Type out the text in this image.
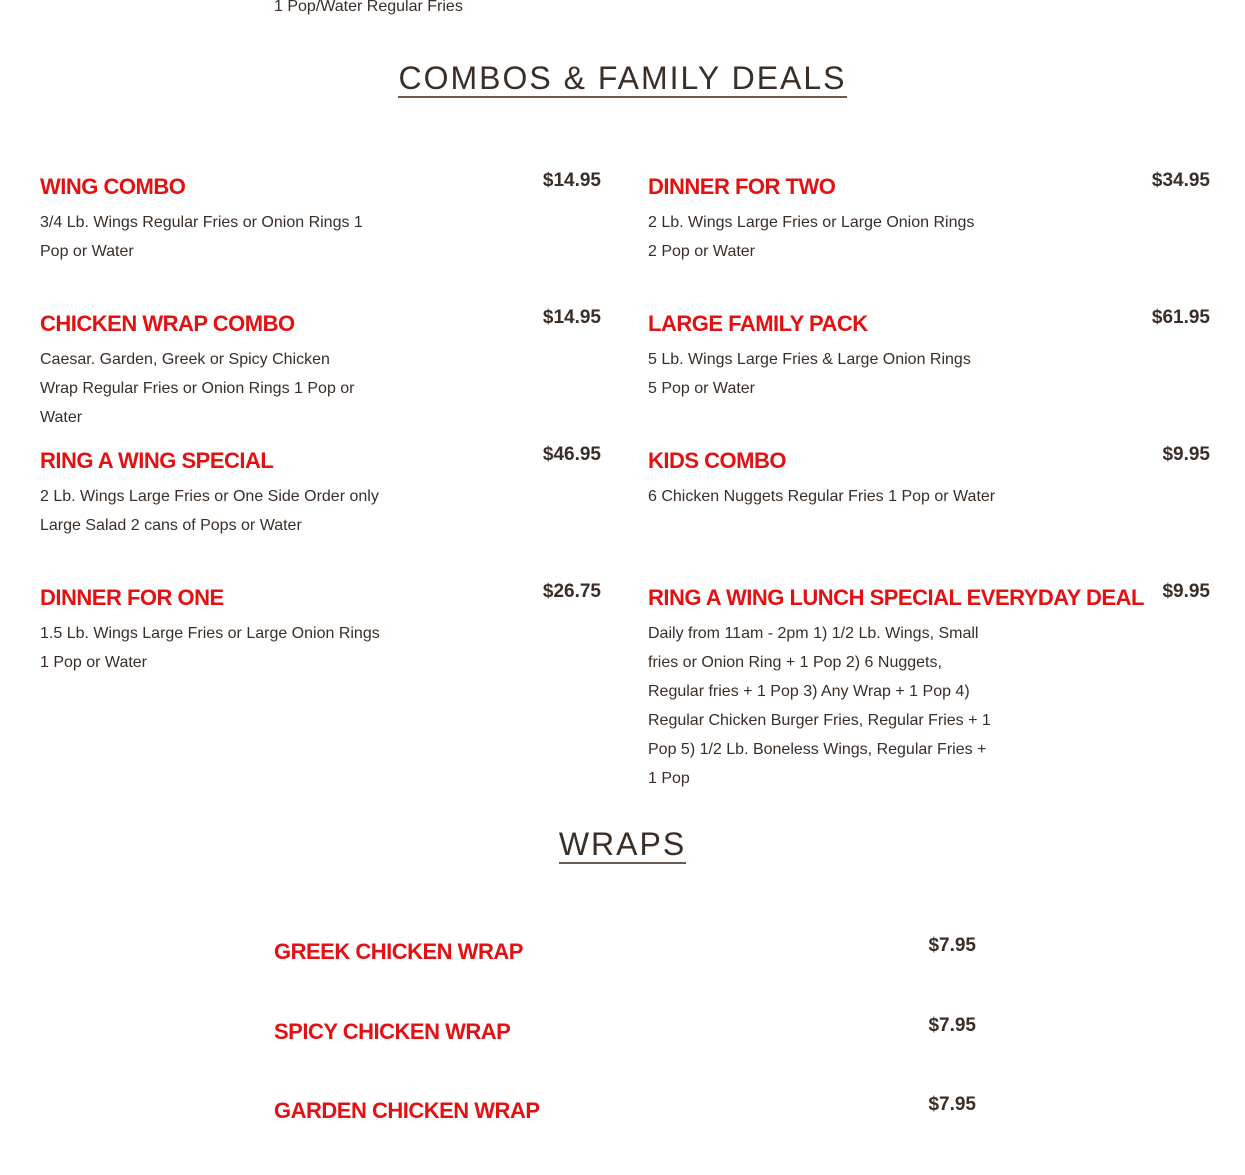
1 Pop/Water Regular Fries
COMBOS & FAMILY DEALS
WING COMBO	$14.95
3/4 Lb. Wings Regular Fries or Onion Rings 1 Pop or Water
DINNER FOR TWO	$34.95
2 Lb. Wings Large Fries or Large Onion Rings 2 Pop or Water
CHICKEN WRAP COMBO	$14.95
Caesar. Garden, Greek or Spicy Chicken Wrap Regular Fries or Onion Rings 1 Pop or Water
LARGE FAMILY PACK	$61.95
5 Lb. Wings Large Fries & Large Onion Rings 5 Pop or Water
RING A WING SPECIAL	$46.95
2 Lb. Wings Large Fries or One Side Order only Large Salad 2 cans of Pops or Water
KIDS COMBO	$9.95
6 Chicken Nuggets Regular Fries 1 Pop or Water
DINNER FOR ONE	$26.75
1.5 Lb. Wings Large Fries or Large Onion Rings 1 Pop or Water
RING A WING LUNCH SPECIAL EVERYDAY DEAL $9.95
Daily from 11am - 2pm 1) 1/2 Lb. Wings, Small fries or Onion Ring + 1 Pop 2) 6 Nuggets, Regular fries + 1 Pop 3) Any Wrap + 1 Pop 4) Regular Chicken Burger Fries, Regular Fries + 1 Pop 5) 1/2 Lb. Boneless Wings, Regular Fries + 1 Pop
WRAPS
GREEK CHICKEN WRAP	$7.95
SPICY CHICKEN WRAP	$7.95
GARDEN CHICKEN WRAP	$7.95
